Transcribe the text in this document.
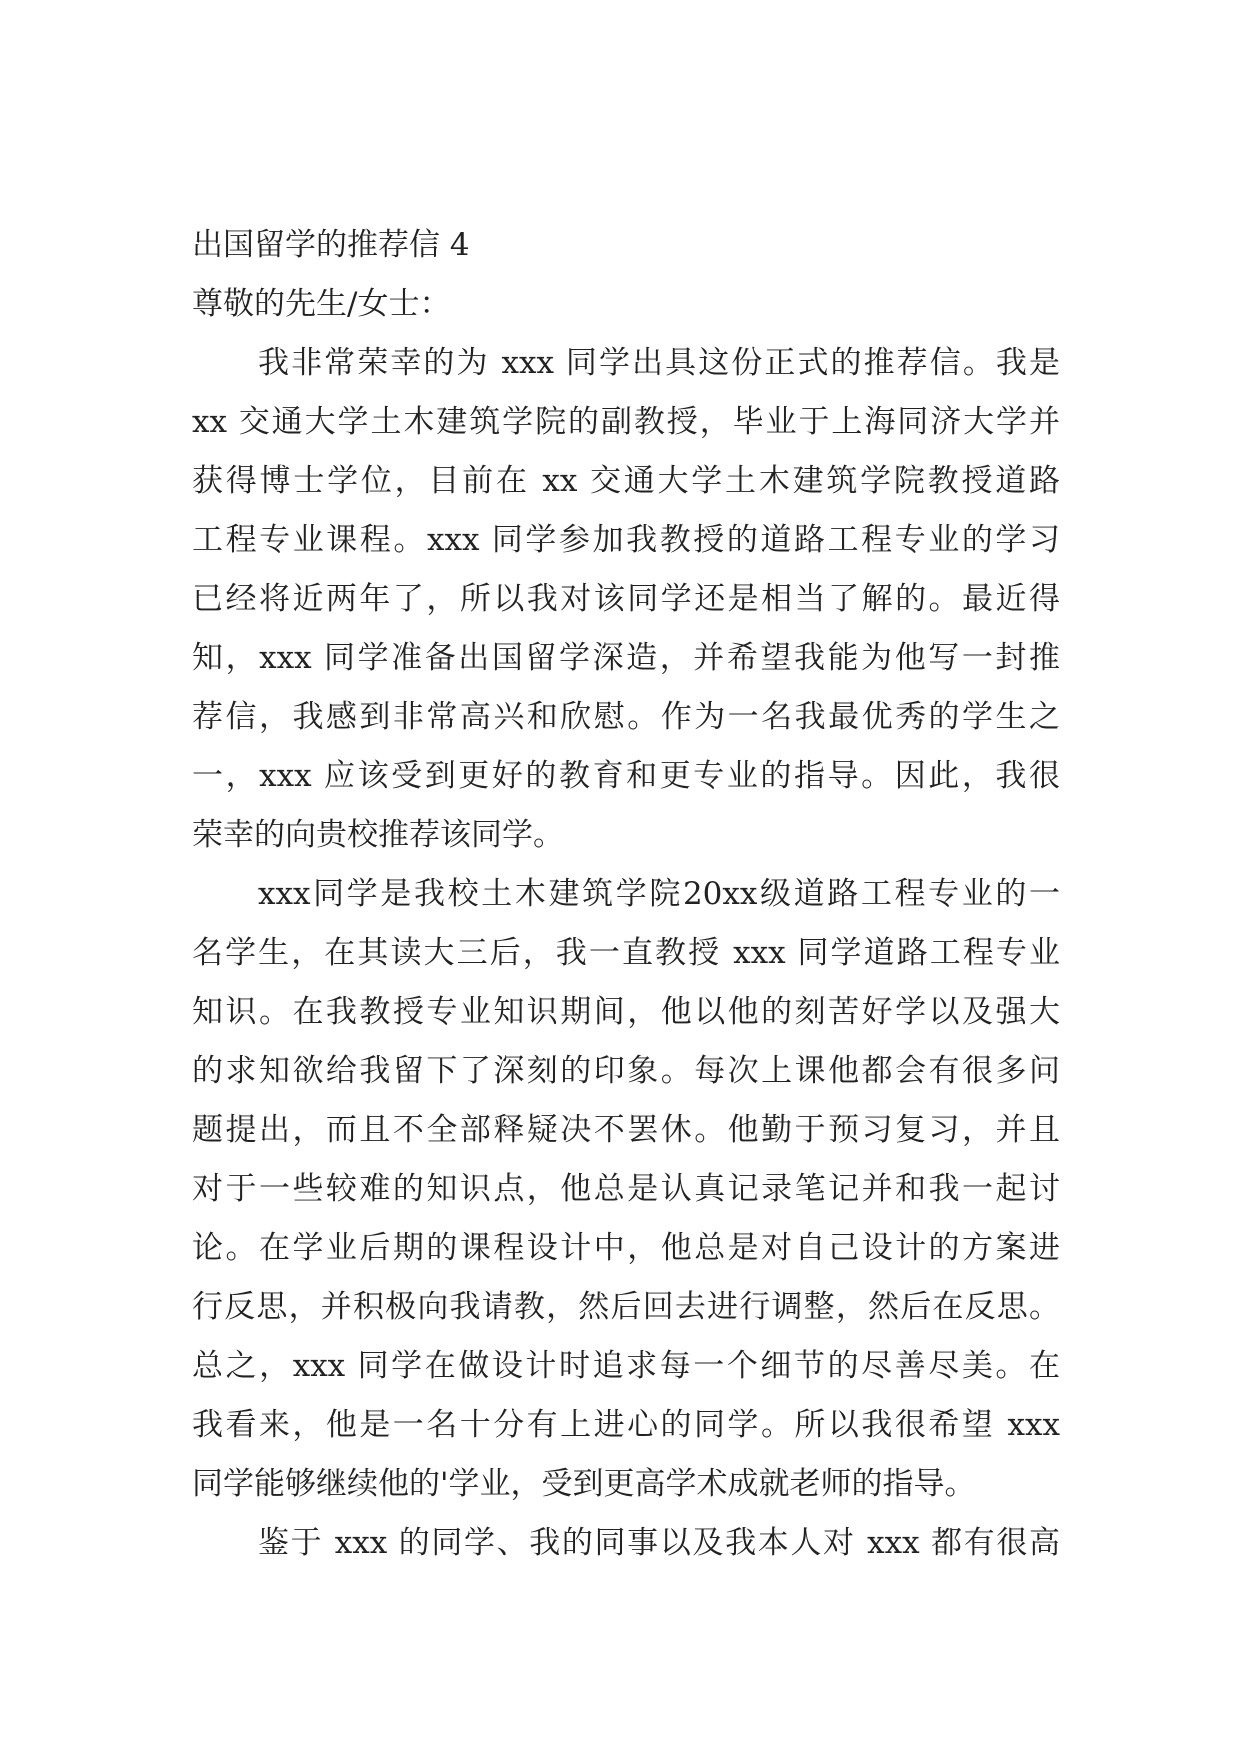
出国留学的推荐信 4
尊敬的先生/女士：
我非常荣幸的为 xxx 同学出具这份正式的推荐信。我是
xx 交通大学土木建筑学院的副教授，毕业于上海同济大学并
获得博士学位，目前在 xx 交通大学土木建筑学院教授道路
工程专业课程。xxx 同学参加我教授的道路工程专业的学习
已经将近两年了，所以我对该同学还是相当了解的。最近得
知，xxx 同学准备出国留学深造，并希望我能为他写一封推
荐信，我感到非常高兴和欣慰。作为一名我最优秀的学生之
一，xxx 应该受到更好的教育和更专业的指导。因此，我很
荣幸的向贵校推荐该同学。
xxx同学是我校土木建筑学院20xx级道路工程专业的一
名学生，在其读大三后，我一直教授 xxx 同学道路工程专业
知识。在我教授专业知识期间，他以他的刻苦好学以及强大
的求知欲给我留下了深刻的印象。每次上课他都会有很多问
题提出，而且不全部释疑决不罢休。他勤于预习复习，并且
对于一些较难的知识点，他总是认真记录笔记并和我一起讨
论。在学业后期的课程设计中，他总是对自己设计的方案进
行反思，并积极向我请教，然后回去进行调整，然后在反思。
总之，xxx 同学在做设计时追求每一个细节的尽善尽美。在
我看来，他是一名十分有上进心的同学。所以我很希望 xxx
同学能够继续他的'学业，受到更高学术成就老师的指导。
鉴于 xxx 的同学、我的同事以及我本人对 xxx 都有很高
